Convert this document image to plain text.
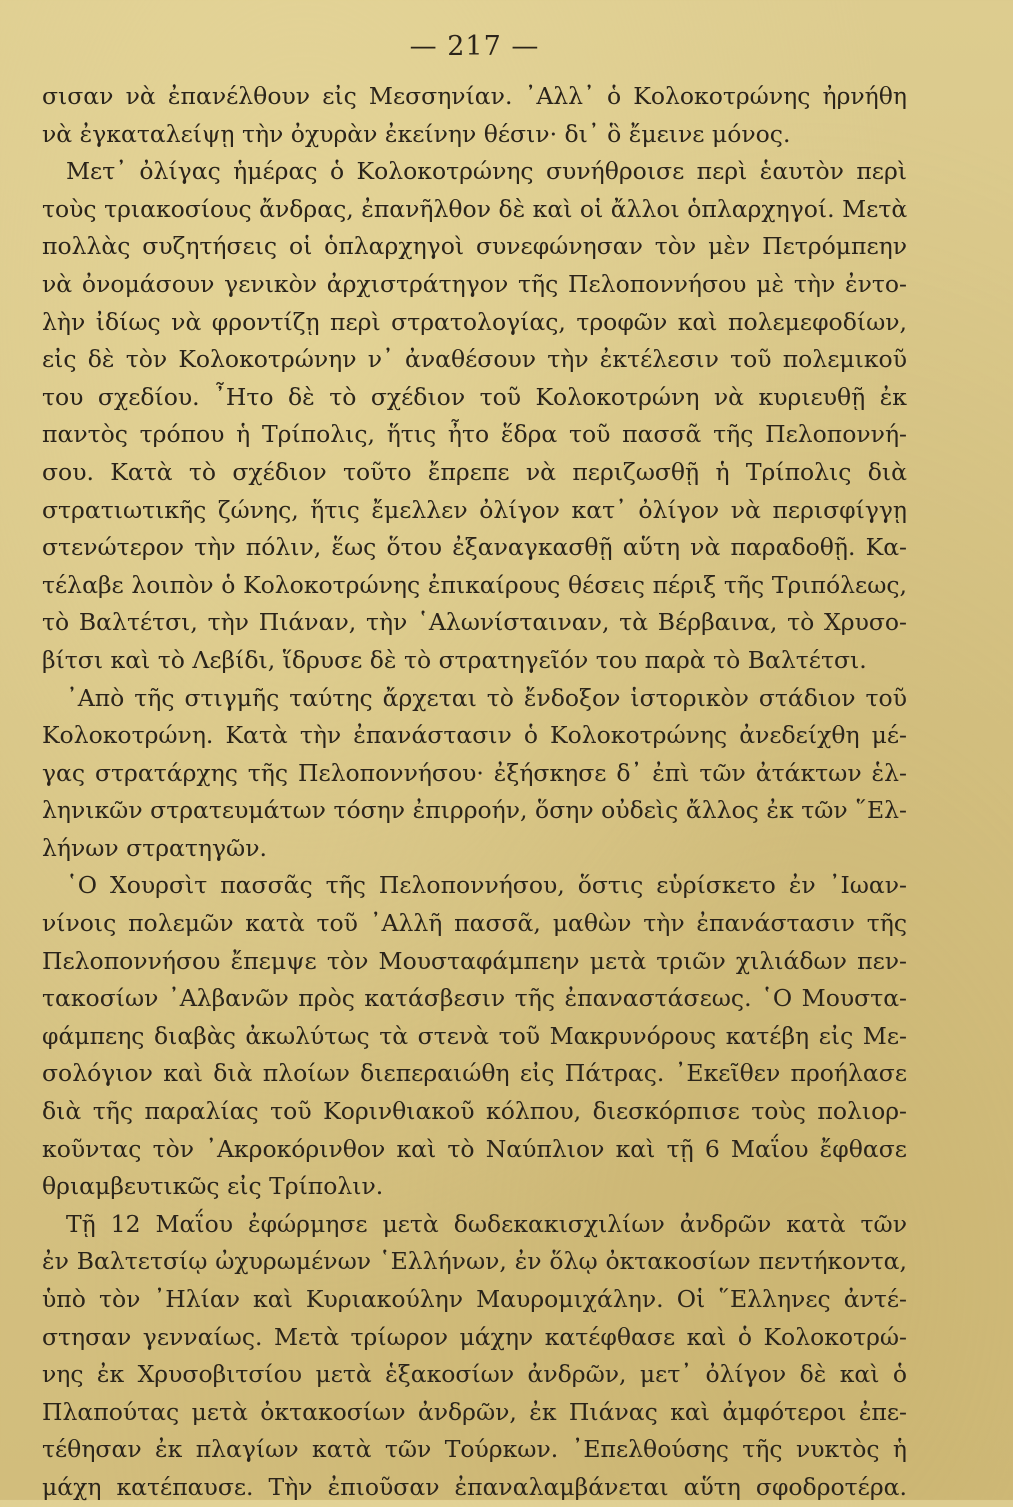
— 217 —
σισαν νὰ ἐπανέλθουν εἰς Μεσσηνίαν. ᾿Αλλ᾿ ὁ Κολοκοτρώνης ἠρνήθη
νὰ ἐγκαταλείψῃ τὴν ὀχυρὰν ἐκείνην θέσιν· δι᾿ ὃ ἔμεινε μόνος.
Μετ᾿ ὀλίγας ἡμέρας ὁ Κολοκοτρώνης συνήθροισε περὶ ἑαυτὸν περὶ
τοὺς τριακοσίους ἄνδρας, ἐπανῆλθον δὲ καὶ οἱ ἄλλοι ὁπλαρχηγοί. Μετὰ
πολλὰς συζητήσεις οἱ ὁπλαρχηγοὶ συνεφώνησαν τὸν μὲν Πετρόμπεην
νὰ ὀνομάσουν γενικὸν ἀρχιστράτηγον τῆς Πελοποννήσου μὲ τὴν ἐντο-
λὴν ἰδίως νὰ φροντίζῃ περὶ στρατολογίας, τροφῶν καὶ πολεμεφοδίων,
εἰς δὲ τὸν Κολοκοτρώνην ν᾿ ἀναθέσουν τὴν ἐκτέλεσιν τοῦ πολεμικοῦ
του σχεδίου. ῏Ητο δὲ τὸ σχέδιον τοῦ Κολοκοτρώνη νὰ κυριευθῇ ἐκ
παντὸς τρόπου ἡ Τρίπολις, ἥτις ἦτο ἕδρα τοῦ πασσᾶ τῆς Πελοποννή-
σου. Κατὰ τὸ σχέδιον τοῦτο ἔπρεπε νὰ περιζωσθῇ ἡ Τρίπολις διὰ
στρατιωτικῆς ζώνης, ἥτις ἔμελλεν ὀλίγον κατ᾿ ὀλίγον νὰ περισφίγγῃ
στενώτερον τὴν πόλιν, ἕως ὅτου ἐξαναγκασθῇ αὕτη νὰ παραδοθῇ. Κα-
τέλαβε λοιπὸν ὁ Κολοκοτρώνης ἐπικαίρους θέσεις πέριξ τῆς Τριπόλεως,
τὸ Βαλτέτσι, τὴν Πιάναν, τὴν ῾Αλωνίσταιναν, τὰ Βέρβαινα, τὸ Χρυσο-
βίτσι καὶ τὸ Λεβίδι, ἵδρυσε δὲ τὸ στρατηγεῖόν του παρὰ τὸ Βαλτέτσι.
᾿Απὸ τῆς στιγμῆς ταύτης ἄρχεται τὸ ἔνδοξον ἱστορικὸν στάδιον τοῦ
Κολοκοτρώνη. Κατὰ τὴν ἐπανάστασιν ὁ Κολοκοτρώνης ἀνεδείχθη μέ-
γας στρατάρχης τῆς Πελοποννήσου· ἐξήσκησε δ᾿ ἐπὶ τῶν ἀτάκτων ἑλ-
ληνικῶν στρατευμάτων τόσην ἐπιρροήν, ὅσην οὐδεὶς ἄλλος ἐκ τῶν ῞Ελ-
λήνων στρατηγῶν.
῾Ο Χουρσὶτ πασσᾶς τῆς Πελοποννήσου, ὅστις εὑρίσκετο ἐν ᾿Ιωαν-
νίνοις πολεμῶν κατὰ τοῦ ᾿Αλλῆ πασσᾶ, μαθὼν τὴν ἐπανάστασιν τῆς
Πελοποννήσου ἔπεμψε τὸν Μουσταφάμπεην μετὰ τριῶν χιλιάδων πεν-
τακοσίων ᾿Αλβανῶν πρὸς κατάσβεσιν τῆς ἐπαναστάσεως. ῾Ο Μουστα-
φάμπεης διαβὰς ἀκωλύτως τὰ στενὰ τοῦ Μακρυνόρους κατέβη εἰς Με-
σολόγιον καὶ διὰ πλοίων διεπεραιώθη εἰς Πάτρας. ᾿Εκεῖθεν προήλασε
διὰ τῆς παραλίας τοῦ Κορινθιακοῦ κόλπου, διεσκόρπισε τοὺς πολιορ-
κοῦντας τὸν ᾿Ακροκόρινθον καὶ τὸ Ναύπλιον καὶ τῇ 6 Μαΐου ἔφθασε
θριαμβευτικῶς εἰς Τρίπολιν.
Τῇ 12 Μαΐου ἐφώρμησε μετὰ δωδεκακισχιλίων ἀνδρῶν κατὰ τῶν
ἐν Βαλτετσίῳ ὠχυρωμένων ῾Ελλήνων, ἐν ὅλῳ ὀκτακοσίων πεντήκοντα,
ὑπὸ τὸν ᾿Ηλίαν καὶ Κυριακούλην Μαυρομιχάλην. Οἱ ῞Ελληνες ἀντέ-
στησαν γενναίως. Μετὰ τρίωρον μάχην κατέφθασε καὶ ὁ Κολοκοτρώ-
νης ἐκ Χρυσοβιτσίου μετὰ ἑξακοσίων ἀνδρῶν, μετ᾿ ὀλίγον δὲ καὶ ὁ
Πλαπούτας μετὰ ὀκτακοσίων ἀνδρῶν, ἐκ Πιάνας καὶ ἀμφότεροι ἐπε-
τέθησαν ἐκ πλαγίων κατὰ τῶν Τούρκων. ᾿Επελθούσης τῆς νυκτὸς ἡ
μάχη κατέπαυσε. Τὴν ἐπιοῦσαν ἐπαναλαμβάνεται αὕτη σφοδροτέρα.
